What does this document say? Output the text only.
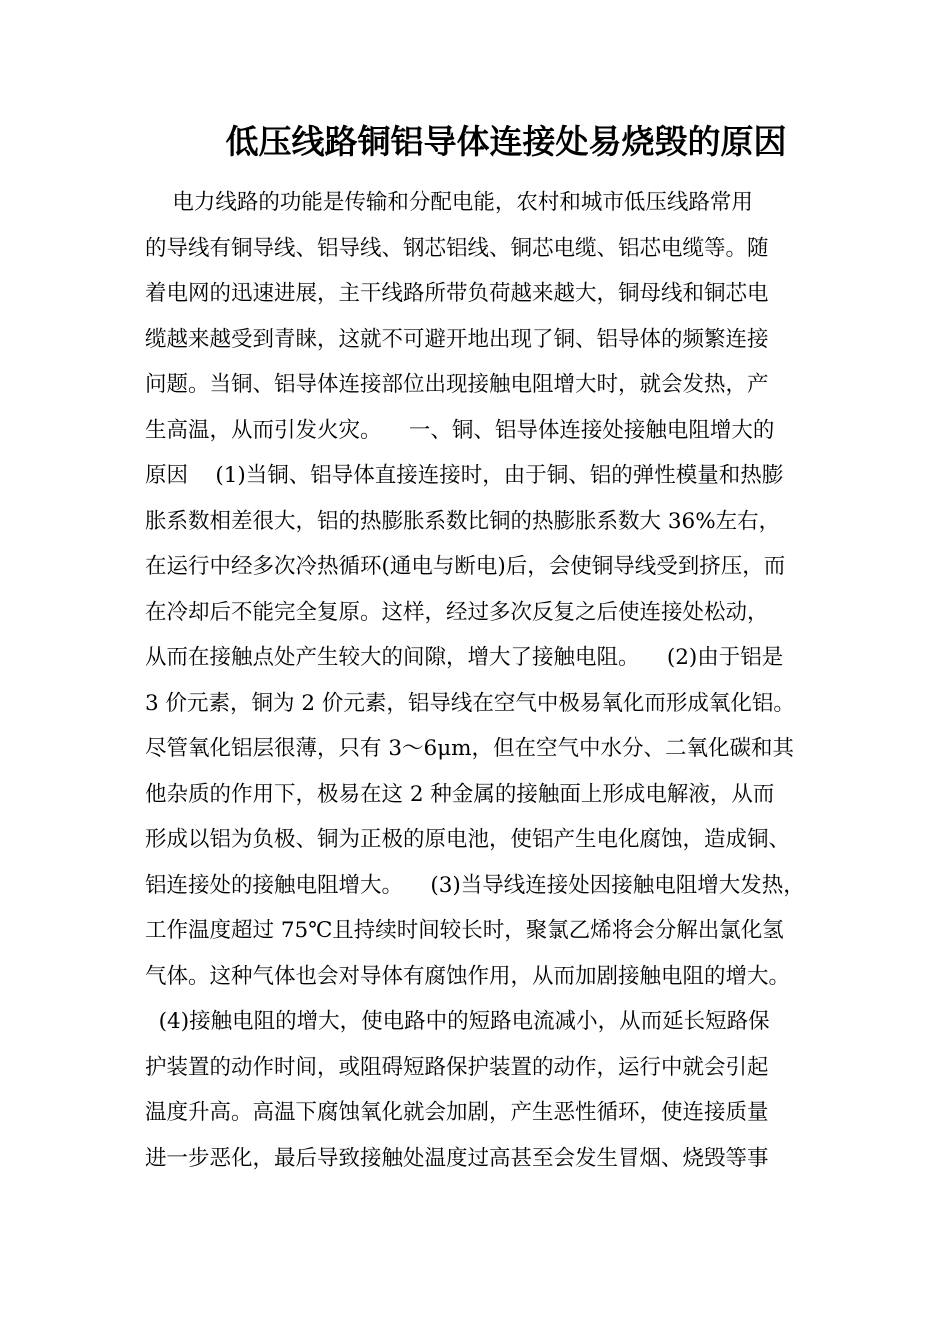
低压线路铜铝导体连接处易烧毁的原因

电力线路的功能是传输和分配电能，农村和城市低压线路常用

的导线有铜导线、铝导线、钢芯铝线、铜芯电缆、铝芯电缆等。随

着电网的迅速进展，主干线路所带负荷越来越大，铜母线和铜芯电

缆越来越受到青睐，这就不可避开地出现了铜、铝导体的频繁连接

问题。当铜、铝导体连接部位出现接触电阻增大时，就会发热，产

生高温，从而引发火灾。    一、铜、铝导体连接处接触电阻增大的

原因    (1)当铜、铝导体直接连接时，由于铜、铝的弹性模量和热膨

胀系数相差很大，铝的热膨胀系数比铜的热膨胀系数大 36%左右，

在运行中经多次冷热循环(通电与断电)后，会使铜导线受到挤压，而

在冷却后不能完全复原。这样，经过多次反复之后使连接处松动，

从而在接触点处产生较大的间隙，增大了接触电阻。    (2)由于铝是

3 价元素，铜为 2 价元素，铝导线在空气中极易氧化而形成氧化铝。

尽管氧化铝层很薄，只有 3～6μm，但在空气中水分、二氧化碳和其

他杂质的作用下，极易在这 2 种金属的接触面上形成电解液，从而

形成以铝为负极、铜为正极的原电池，使铝产生电化腐蚀，造成铜、

铝连接处的接触电阻增大。    (3)当导线连接处因接触电阻增大发热，

工作温度超过 75℃且持续时间较长时，聚氯乙烯将会分解出氯化氢

气体。这种气体也会对导体有腐蚀作用，从而加剧接触电阻的增大。

(4)接触电阻的增大，使电路中的短路电流减小，从而延长短路保

护装置的动作时间，或阻碍短路保护装置的动作，运行中就会引起

温度升高。高温下腐蚀氧化就会加剧，产生恶性循环，使连接质量

进一步恶化，最后导致接触处温度过高甚至会发生冒烟、烧毁等事
